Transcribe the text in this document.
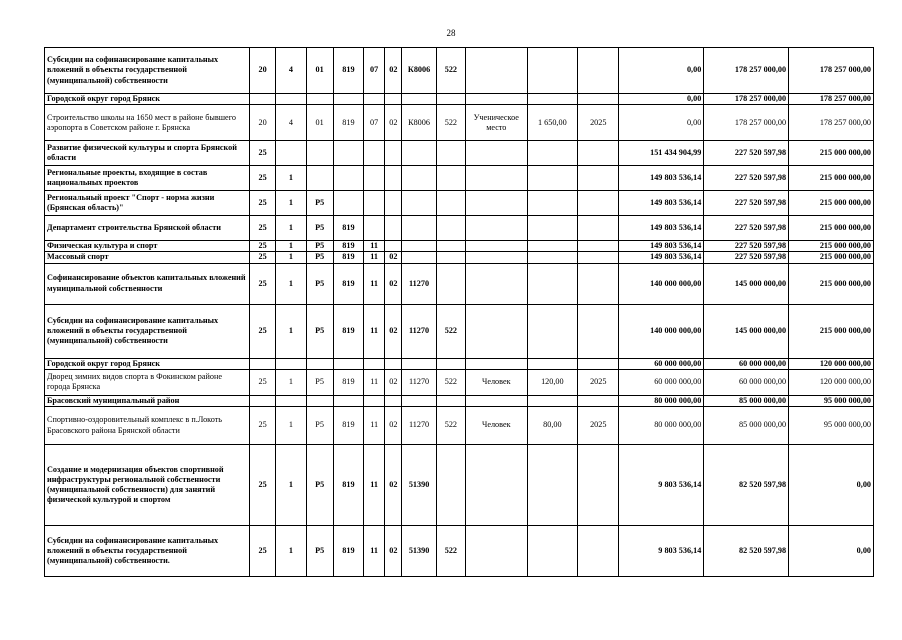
28
Субсидии на софинансирование капитальных вложений в объекты государственной (муниципальной) собственности	20	4	01	819	07	02	К8006	522				0,00	178 257 000,00	178 257 000,00
Городской округ город Брянск												0,00	178 257 000,00	178 257 000,00
Строительство школы на 1650 мест в районе бывшего аэропорта в Советском районе г. Брянска	20	4	01	819	07	02	К8006	522	Ученическое место	1 650,00	2025	0,00	178 257 000,00	178 257 000,00
Развитие физической культуры и спорта Брянской области	25											151 434 904,99	227 520 597,98	215 000 000,00
Региональные проекты, входящие в состав национальных проектов	25	1										149 803 536,14	227 520 597,98	215 000 000,00
Региональный проект "Спорт - норма жизни (Брянская область)"	25	1	P5									149 803 536,14	227 520 597,98	215 000 000,00
Департамент строительства Брянской области	25	1	P5	819								149 803 536,14	227 520 597,98	215 000 000,00
Физическая культура и спорт	25	1	P5	819	11							149 803 536,14	227 520 597,98	215 000 000,00
Массовый спорт	25	1	P5	819	11	02						149 803 536,14	227 520 597,98	215 000 000,00
Софинансирование объектов капитальных вложений муниципальной собственности	25	1	P5	819	11	02	11270					140 000 000,00	145 000 000,00	215 000 000,00
Субсидии на софинансирование капитальных вложений в объекты государственной (муниципальной) собственности	25	1	P5	819	11	02	11270	522				140 000 000,00	145 000 000,00	215 000 000,00
Городской округ город Брянск												60 000 000,00	60 000 000,00	120 000 000,00
Дворец зимних видов спорта в Фокинском районе города Брянска	25	1	P5	819	11	02	11270	522	Человек	120,00	2025	60 000 000,00	60 000 000,00	120 000 000,00
Брасовский муниципальный район												80 000 000,00	85 000 000,00	95 000 000,00
Спортивно-оздоровительный комплекс в п.Локоть Брасовского района Брянской области	25	1	P5	819	11	02	11270	522	Человек	80,00	2025	80 000 000,00	85 000 000,00	95 000 000,00
Создание и модернизация объектов спортивной инфраструктуры региональной собственности (муниципальной собственности) для занятий физической культурой и спортом	25	1	P5	819	11	02	51390					9 803 536,14	82 520 597,98	0,00
Субсидии на софинансирование капитальных вложений в объекты государственной (муниципальной) собственности.	25	1	P5	819	11	02	51390	522				9 803 536,14	82 520 597,98	0,00
